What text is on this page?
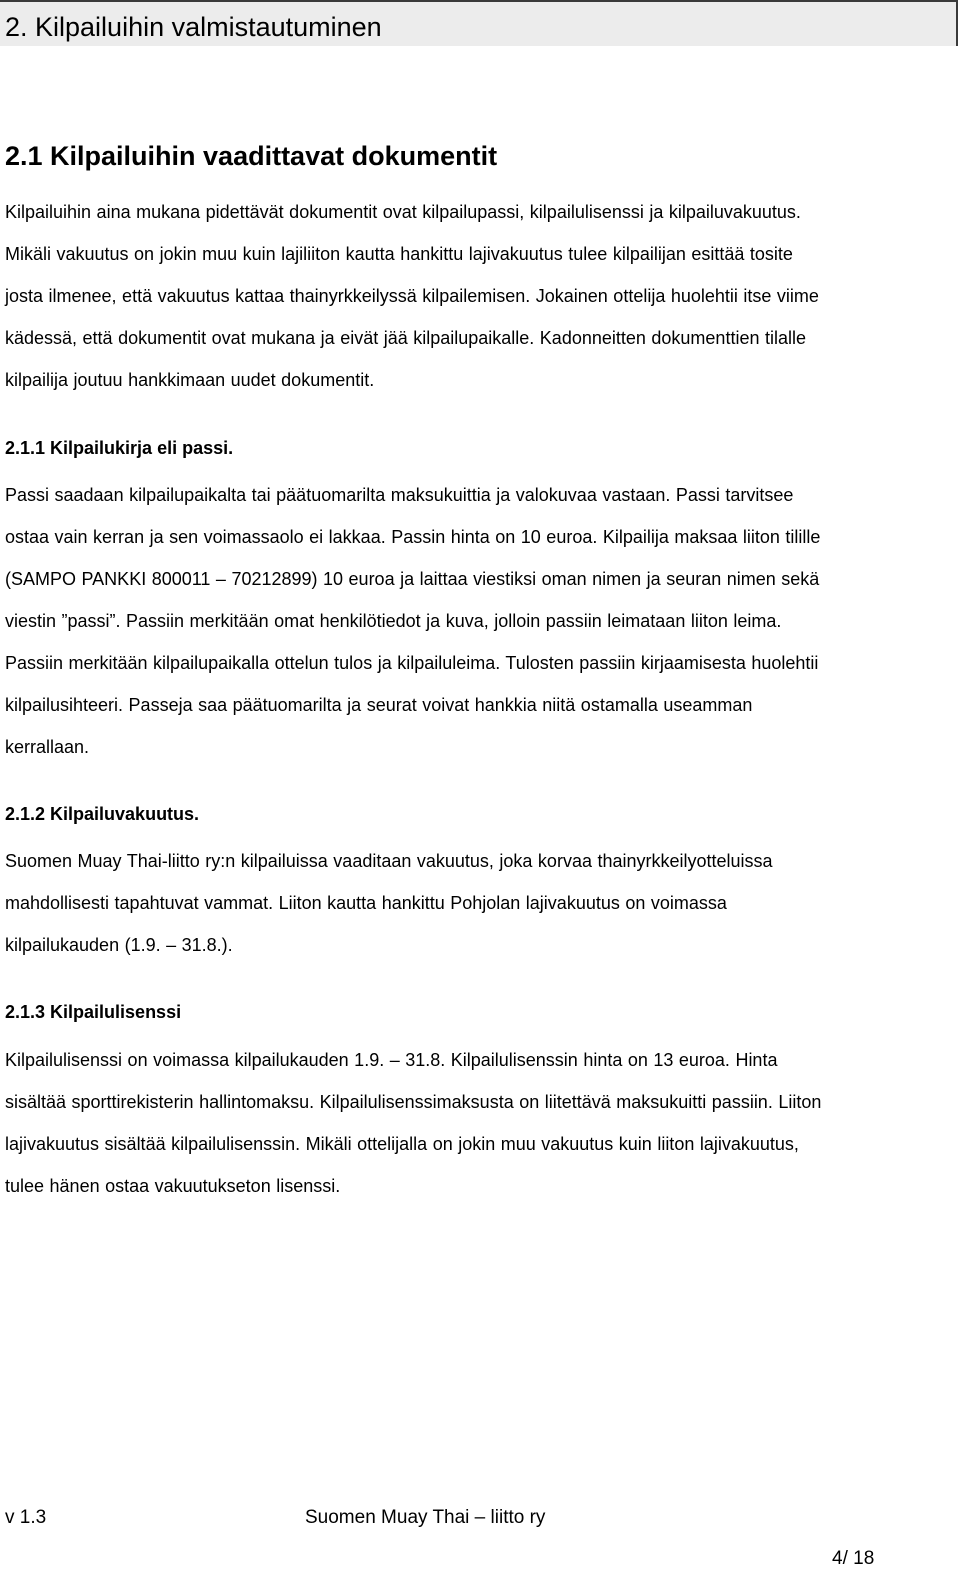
2. Kilpailuihin valmistautuminen
2.1 Kilpailuihin vaadittavat dokumentit

Kilpailuihin aina mukana pidettävät dokumentit ovat kilpailupassi, kilpailulisenssi ja kilpailuvakuutus.
Mikäli vakuutus on jokin muu kuin lajiliiton kautta hankittu lajivakuutus tulee kilpailijan esittää tosite
josta ilmenee, että vakuutus kattaa thainyrkkeilyssä kilpailemisen. Jokainen ottelija huolehtii itse viime
kädessä, että dokumentit ovat mukana ja eivät jää kilpailupaikalle. Kadonneitten dokumenttien tilalle
kilpailija joutuu hankkimaan uudet dokumentit.

2.1.1 Kilpailukirja eli passi.

Passi saadaan kilpailupaikalta tai päätuomarilta maksukuittia ja valokuvaa vastaan. Passi tarvitsee
ostaa vain kerran ja sen voimassaolo ei lakkaa. Passin hinta on 10 euroa. Kilpailija maksaa liiton tilille
(SAMPO PANKKI 800011 – 70212899) 10 euroa ja laittaa viestiksi oman nimen ja seuran nimen sekä
viestin ”passi”. Passiin merkitään omat henkilötiedot ja kuva, jolloin passiin leimataan liiton leima.
Passiin merkitään kilpailupaikalla ottelun tulos ja kilpailuleima. Tulosten passiin kirjaamisesta huolehtii
kilpailusihteeri. Passeja saa päätuomarilta ja seurat voivat hankkia niitä ostamalla useamman
kerrallaan.

2.1.2 Kilpailuvakuutus.

Suomen Muay Thai-liitto ry:n kilpailuissa vaaditaan vakuutus, joka korvaa thainyrkkeilyotteluissa
mahdollisesti tapahtuvat vammat. Liiton kautta hankittu Pohjolan lajivakuutus on voimassa
kilpailukauden (1.9. – 31.8.).

2.1.3 Kilpailulisenssi

Kilpailulisenssi on voimassa kilpailukauden 1.9. – 31.8. Kilpailulisenssin hinta on 13 euroa. Hinta
sisältää sporttirekisterin hallintomaksu. Kilpailulisenssimaksusta on liitettävä maksukuitti passiin. Liiton
lajivakuutus sisältää kilpailulisenssin. Mikäli ottelijalla on jokin muu vakuutus kuin liiton lajivakuutus,
tulee hänen ostaa vakuutukseton lisenssi.

v 1.3	Suomen Muay Thai – liitto ry
4/ 18
